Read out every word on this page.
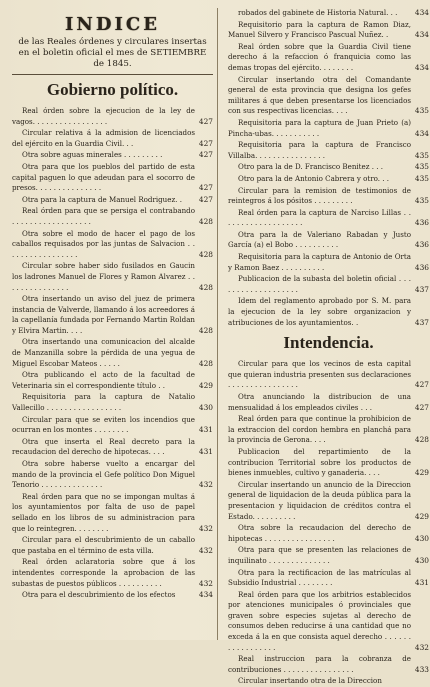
INDICE
de las Reales órdenes y circulares insertas en el boletin oficial el mes de SETIEMBRE de 1845.
Gobierno político.
Real órden sobre la ejecucion de la ley de vagos. . . . . . . . . . . . . . . . .	427
Circular relativa á la admision de licenciados del ejército en la Guardia Civil. . .	427
Otra sobre aguas minerales . . . . . . . . .	427
Otra para que los pueblos del partido de esta capital paguen lo que adeudan para el socorro de presos. . . . . . . . . . . . . . .	427
Otra para la captura de Manuel Rodriguez. . 427
Real órden para que se persiga el contrabando . . . . . . . . . . . . . . . . . .	428
Otra sobre el modo de hacer el pago de los caballos requisados por las juntas de Salvacion . . . . . . . . . . . . . . . . .	428
Circular sobre haber sido fusilados en Gaucin los ladrones Manuel de Flores y Ramon Alvarez . . . . . . . . . . . . . . .	428
Otra insertando un aviso del juez de primera instancia de Valverde, llamando á los acreedores á la capellanía fundada por Fernando Martin Roldan y Elvira Martin. . . .	428
Otra insertando una comunicacion del alcalde de Manzanilla sobre la pérdida de una yegua de Miguel Escobar Mateos . . . . .	428
Otra publicando el acto de la facultad de Veterinaria sin el correspondiente título . .	429
Requisitoria para la captura de Natalio Vallecillo . . . . . . . . . . . . . . . . .	430
Circular para que se eviten los incendios que ocurran en los montes . . . . . . . .	431
Otra que inserta el Real decreto para la recaudacion del derecho de hipotecas. . . .	431
Otra sobre haberse vuelto a encargar del mando de la provincia el Gefe político Don Miguel Tenorio . . . . . . . . . . . . . .	432
Real órden para que no se impongan multas á los ayuntamientos por falta de uso de papel sellado en los libros de su administracion para que lo reintegren. . . . . . . .	432
Circular para el descubrimiento de un caballo que pastaba en el término de esta villa.	432
Real órden aclaratoria sobre que á los intendentes corresponde la aprobacion de las subastas de puestos públicos . . . . . . . . . .	432
Otra para el descubrimiento de los efectos	434
robados del gabinete de Historia Natural. . . 434
Requisitorio para la captura de Ramon Diaz, Manuel Silvero y Francisco Pascual Nuñez. .	434
Real órden sobre que la Guardia Civil tiene derecho á la refaccion ó franquicia como las demas tropas del ejército. . . . . . . .	434
Circular insertando otra del Comandante general de esta provincia que designa los gefes militares á que deben presentarse los licenciados con sus respectivas licencias. . . .	435
Requisitoria para la captura de Juan Prieto (a) Pincha-ubas. . . . . . . . . . .	434
Requisitoria para la captura de Francisco Villalba. . . . . . . . . . . . . . . .	435
Otro para la de D. Francisco Benitez . . .	435
Otro para la de Antonio Cabrera y otro. . .	435
Circular para la remision de testimonios de reintegros á los pósitos . . . . . . . . .	435
Real órden para la captura de Narciso Lillas . . . . . . . . . . . . . . . . . . .	436
Otra para la de Valeriano Rabadan y Justo García (a) el Bobo . . . . . . . . . .	436
Requisitoria para la captura de Antonio de Orta y Ramon Baez . . . . . . . . . .	436
Publicacion de la subasta del boletin oficial . . . . . . . . . . . . . . . . . . .	437
Idem del reglamento aprobado por S. M. para la ejecucion de la ley sobre organizacion y atribuciones de los ayuntamientos. .	437
Intendencia.
Circular para que los vecinos de esta capital que quieran industria presenten sus declaraciones . . . . . . . . . . . . . . . .	427
Otra anunciando la distribucion de una mensualidad á los empleados civiles . . .	427
Real órden para que continue la prohibicion de la extraccion del cordon hembra en planchá para la provincia de Gerona. . . .	428
Publicacion del repartimiento de la contribucion Territorial sobre los productos de bienes inmuebles, cultivo y ganaderia. . . .	429
Circular insertando un anuncio de la Direccion general de liquidacion de la deuda pública para la presentacion y liquidacion de créditos contra el Estado. . . . . . . . . .	429
Otra sobre la recaudacion del derecho de hipotecas . . . . . . . . . . . . . . . .	430
Otra para que se presenten las relaciones de inquilinato . . . . . . . . . . . . . .	430
Otra para la rectificacion de las matrículas al Subsidio Industrial . . . . . . . .	431
Real órden para que los arbitrios establecidos por atenciones municipales ó provinciales que graven sobre especies sujetas al derecho de consumos deben reducirse á una cantidad que no exceda á la en que consista aquel derecho . . . . . . . . . . . . . . . . .	432
Real instruccion para la cobranza de contribuciones . . . . . . . . . . . . . . . .	433
Circular insertando otra de la Direccion
